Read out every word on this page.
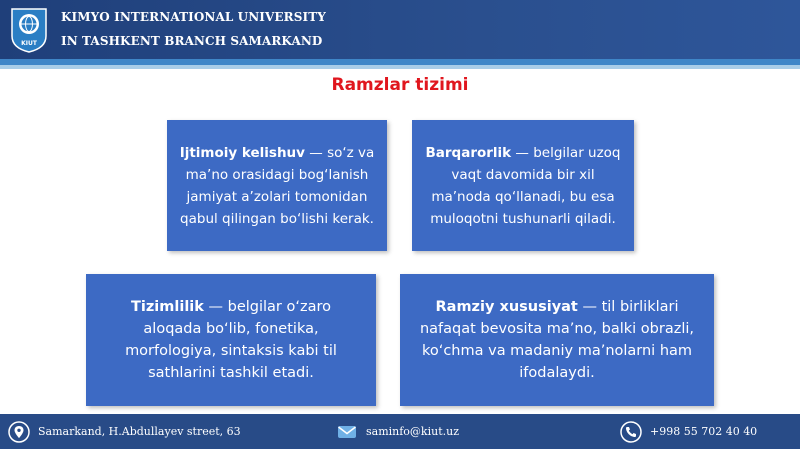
KIUT
KIMYO INTERNATIONAL UNIVERSITY
IN TASHKENT BRANCH SAMARKAND
Ramzlar tizimi

Ijtimoiy kelishuv — so‘z va ma’no orasidagi bog‘lanish jamiyat a’zolari tomonidan qabul qilingan bo‘lishi kerak.

Barqarorlik — belgilar uzoq vaqt davomida bir xil ma’noda qo‘llanadi, bu esa muloqotni tushunarli qiladi.

Tizimlilik — belgilar o‘zaro aloqada bo‘lib, fonetika, morfologiya, sintaksis kabi til sathlarini tashkil etadi.

Ramziy xususiyat — til birliklari nafaqat bevosita ma’no, balki obrazli, ko‘chma va madaniy ma’nolarni ham ifodalaydi.

Samarkand, H.Abdullayev street, 63	saminfo@kiut.uz	+998 55 702 40 40
